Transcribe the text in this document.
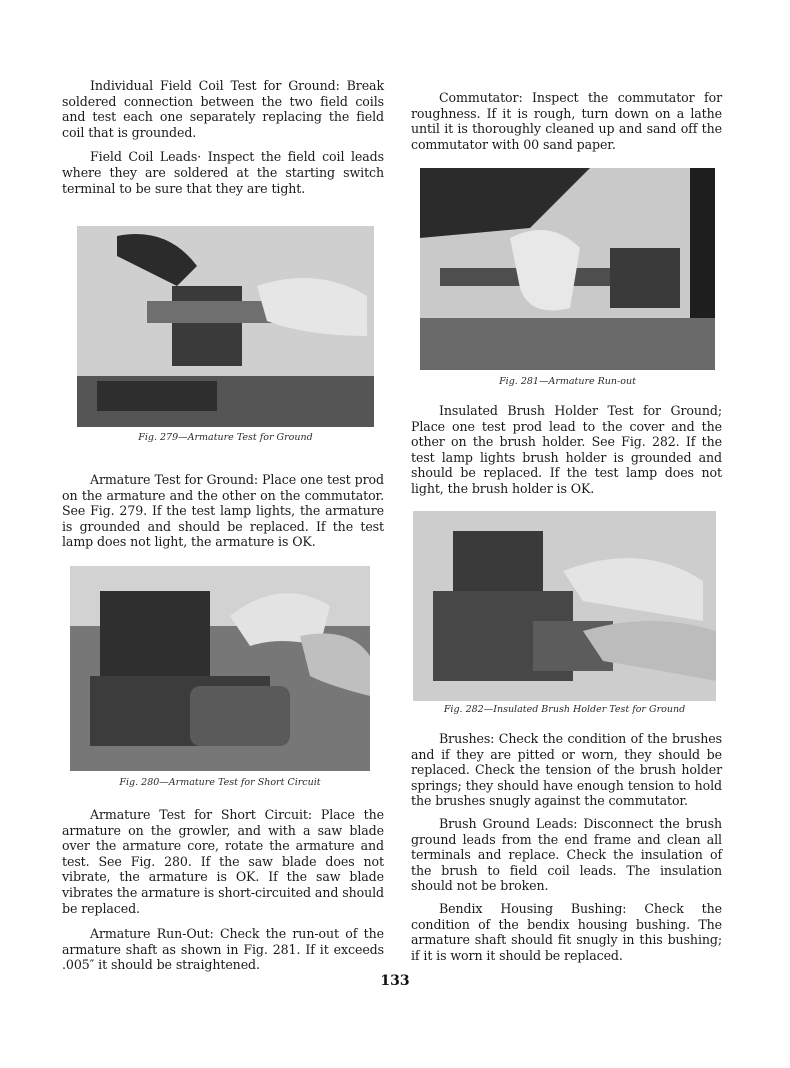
Individual Field Coil Test for Ground: Break soldered connection between the two field coils and test each one separately replacing the field coil that is grounded.

Field Coil Leads· Inspect the field coil leads where they are soldered at the starting switch terminal to be sure that they are tight.

Fig. 279—Armature Test for Ground

Armature Test for Ground: Place one test prod on the armature and the other on the commutator. See Fig. 279. If the test lamp lights, the armature is grounded and should be replaced. If the test lamp does not light, the armature is OK.

Fig. 280—Armature Test for Short Circuit

Armature Test for Short Circuit: Place the armature on the growler, and with a saw blade over the armature core, rotate the armature and test. See Fig. 280. If the saw blade does not vibrate, the armature is OK. If the saw blade vibrates the armature is short-circuited and should be replaced.

Armature Run-Out: Check the run-out of the armature shaft as shown in Fig. 281. If it exceeds .005″ it should be straightened.

Commutator: Inspect the commutator for roughness. If it is rough, turn down on a lathe until it is thoroughly cleaned up and sand off the commutator with 00 sand paper.

Fig. 281—Armature Run-out

Insulated Brush Holder Test for Ground; Place one test prod lead to the cover and the other on the brush holder. See Fig. 282. If the test lamp lights brush holder is grounded and should be replaced. If the test lamp does not light, the brush holder is OK.

Fig. 282—Insulated Brush Holder Test for Ground

Brushes: Check the condition of the brushes and if they are pitted or worn, they should be replaced. Check the tension of the brush holder springs; they should have enough tension to hold the brushes snugly against the commutator.

Brush Ground Leads: Disconnect the brush ground leads from the end frame and clean all terminals and replace. Check the insulation of the brush to field coil leads. The insulation should not be broken.

Bendix Housing Bushing: Check the condition of the bendix housing bushing. The armature shaft should fit snugly in this bushing; if it is worn it should be replaced.

133
